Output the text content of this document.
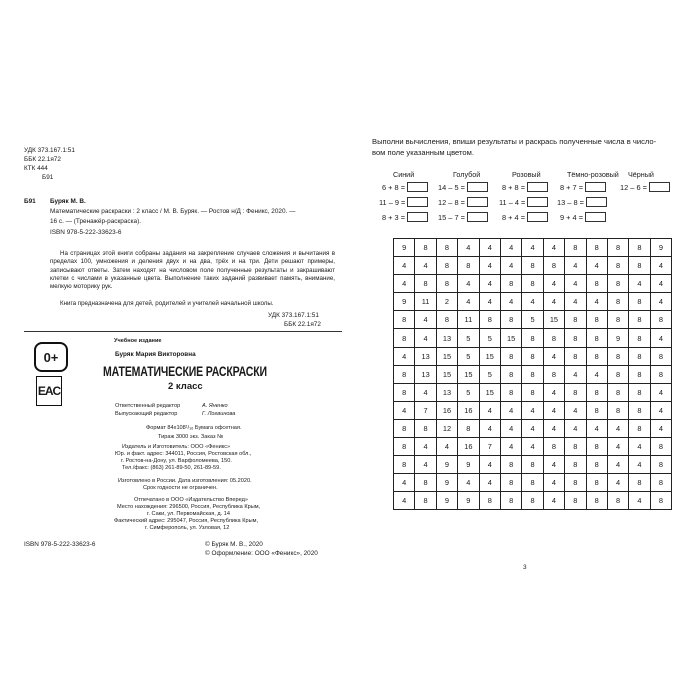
УДК 373.167.1:51
ББК 22.1я72
КТК 444
Б91
Б91 Буряк М. В.
Математические раскраски : 2 класс / М. В. Буряк. — Ростов н/Д : Феникс, 2020. —
16 с. — (Тренажёр-раскраска).
ISBN 978-5-222-33623-6
На страницах этой книги собраны задания на закрепление случаев сложения и вычитания в пределах 100, умножения и деления двух и на два, трёх и на три. Дети решают примеры, записывают ответы. Затем находят на числовом поле полученные результаты и закрашивают клетки с числами в указанные цвета. Выполнение таких заданий развивает память, внимание, мелкую моторику рук.
Книга предназначена для детей, родителей и учителей начальной школы.
УДК 373.167.1:51
ББК 22.1я72
0+
EAC
Учебное издание
Буряк Мария Викторовна
МАТЕМАТИЧЕСКИЕ РАСКРАСКИ
2 класс
Ответственный редактор	А. Яненко
Выпускающий редактор	Г. Логвинова
Формат 84х108¹/₁₆ Бумага офсетная.
Тираж 3000 экз. Заказ №
Издатель и Изготовитель: ООО «Феникс»
Юр. и факт. адрес: 344011, Россия, Ростовская обл.,
г. Ростов-на-Дону, ул. Варфоломеева, 150.
Тел./факс: (863) 261-89-50, 261-89-59.
Изготовлено в России. Дата изготовления: 05.2020.
Срок годности не ограничен.
Отпечатано в ООО «Издательство Вперед»
Место нахождения: 296500, Россия, Республика Крым,
г. Саки, ул. Первомайская, д. 14
Фактический адрес: 295047, Россия, Республика Крым,
г. Симферополь, ул. Узловая, 12
ISBN 978-5-222-33623-6	© Буряк М. В., 2020
© Оформление: ООО «Феникс», 2020
Выполни вычисления, впиши результаты и раскрась полученные числа в число-
вом поле указанным цветом.
Синий	Голубой	Розовый	Тёмно-розовый Чёрный
6 + 8 =
11 – 9 =
8 + 3 =
14 – 5 =
12 – 8 =
15 – 7 =
8 + 8 =
11 – 4 =
8 + 4 =
8 + 7 =
13 – 8 =
9 + 4 =
12 – 6 =
9	8	8	4	4	4	4	4	8	8	8	8	9
4	4	8	8	4	4	8	8	4	4	8	8	4
4	8	8	4	4	8	8	4	4	8	8	4	4
9	11	2	4	4	4	4	4	4	4	8	8	4
8	4	8	11	8	8	5	15	8	8	8	8	8
8	4	13	5	5	15	8	8	8	8	9	8	4
4	13	15	5	15	8	8	4	8	8	8	8	8
8	13	15	15	5	8	8	8	4	4	8	8	8
8	4	13	5	15	8	8	4	8	8	8	8	4
4	7	16	16	4	4	4	4	4	8	8	8	4
8	8	12	8	4	4	4	4	4	4	4	8	4
8	4	4	16	7	4	4	8	8	8	4	4	8
8	4	9	9	4	8	8	4	8	8	4	4	8
4	8	9	4	4	8	8	4	8	8	4	8	8
4	8	9	9	8	8	8	4	8	8	8	4	8
3
